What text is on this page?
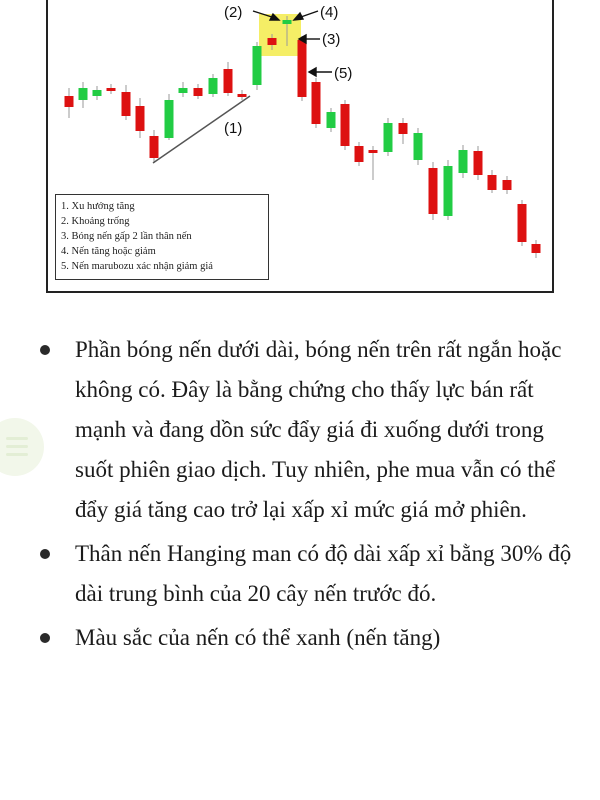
(1)
(2)	(4)
(3)
(5)
1. Xu hướng tăng
2. Khoảng trống
3. Bóng nến gấp 2 lần thân nến
4. Nến tăng hoặc giảm
5. Nến marubozu xác nhận giảm giá
Phần bóng nến dưới dài, bóng nến trên rất ngắn hoặc không có. Đây là bằng chứng cho thấy lực bán rất mạnh và đang dồn sức đẩy giá đi xuống dưới trong suốt phiên giao dịch. Tuy nhiên, phe mua vẫn có thể đẩy giá tăng cao trở lại xấp xỉ mức giá mở phiên.
Thân nến Hanging man có độ dài xấp xỉ bằng 30% độ dài trung bình của 20 cây nến trước đó.
Màu sắc của nến có thể xanh (nến tăng)
